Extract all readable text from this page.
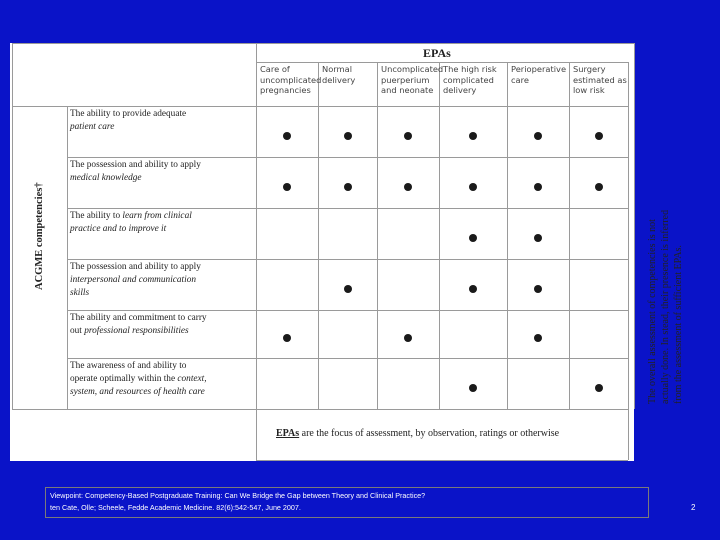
EPAs
Care of
uncomplicated
pregnancies
Normal
delivery
Uncomplicated
puerperium
and neonate
The high risk
complicated
delivery
Perioperative
care
Surgery
estimated as
low risk
The ability to provide adequate
patient care
The possession and ability to apply
medical knowledge
The ability to learn from clinical
practice and to improve it
The possession and ability to apply
interpersonal and communication
skills
The ability and commitment to carry
out professional responsibilities
The awareness of and ability to
operate optimally within the context,
system, and resources of health care
ACGME competencies†	The overall assessment of competencies is not actually done. In stead, their presence is inferred from the assessment of sufficient EPAs.
EPAs are the focus of assessment, by observation, ratings or otherwise
Viewpoint: Competency-Based Postgraduate Training: Can We Bridge the Gap between Theory and Clinical Practice?
ten Cate, Olle; Scheele, Fedde Academic Medicine. 82(6):542-547, June 2007.	2
